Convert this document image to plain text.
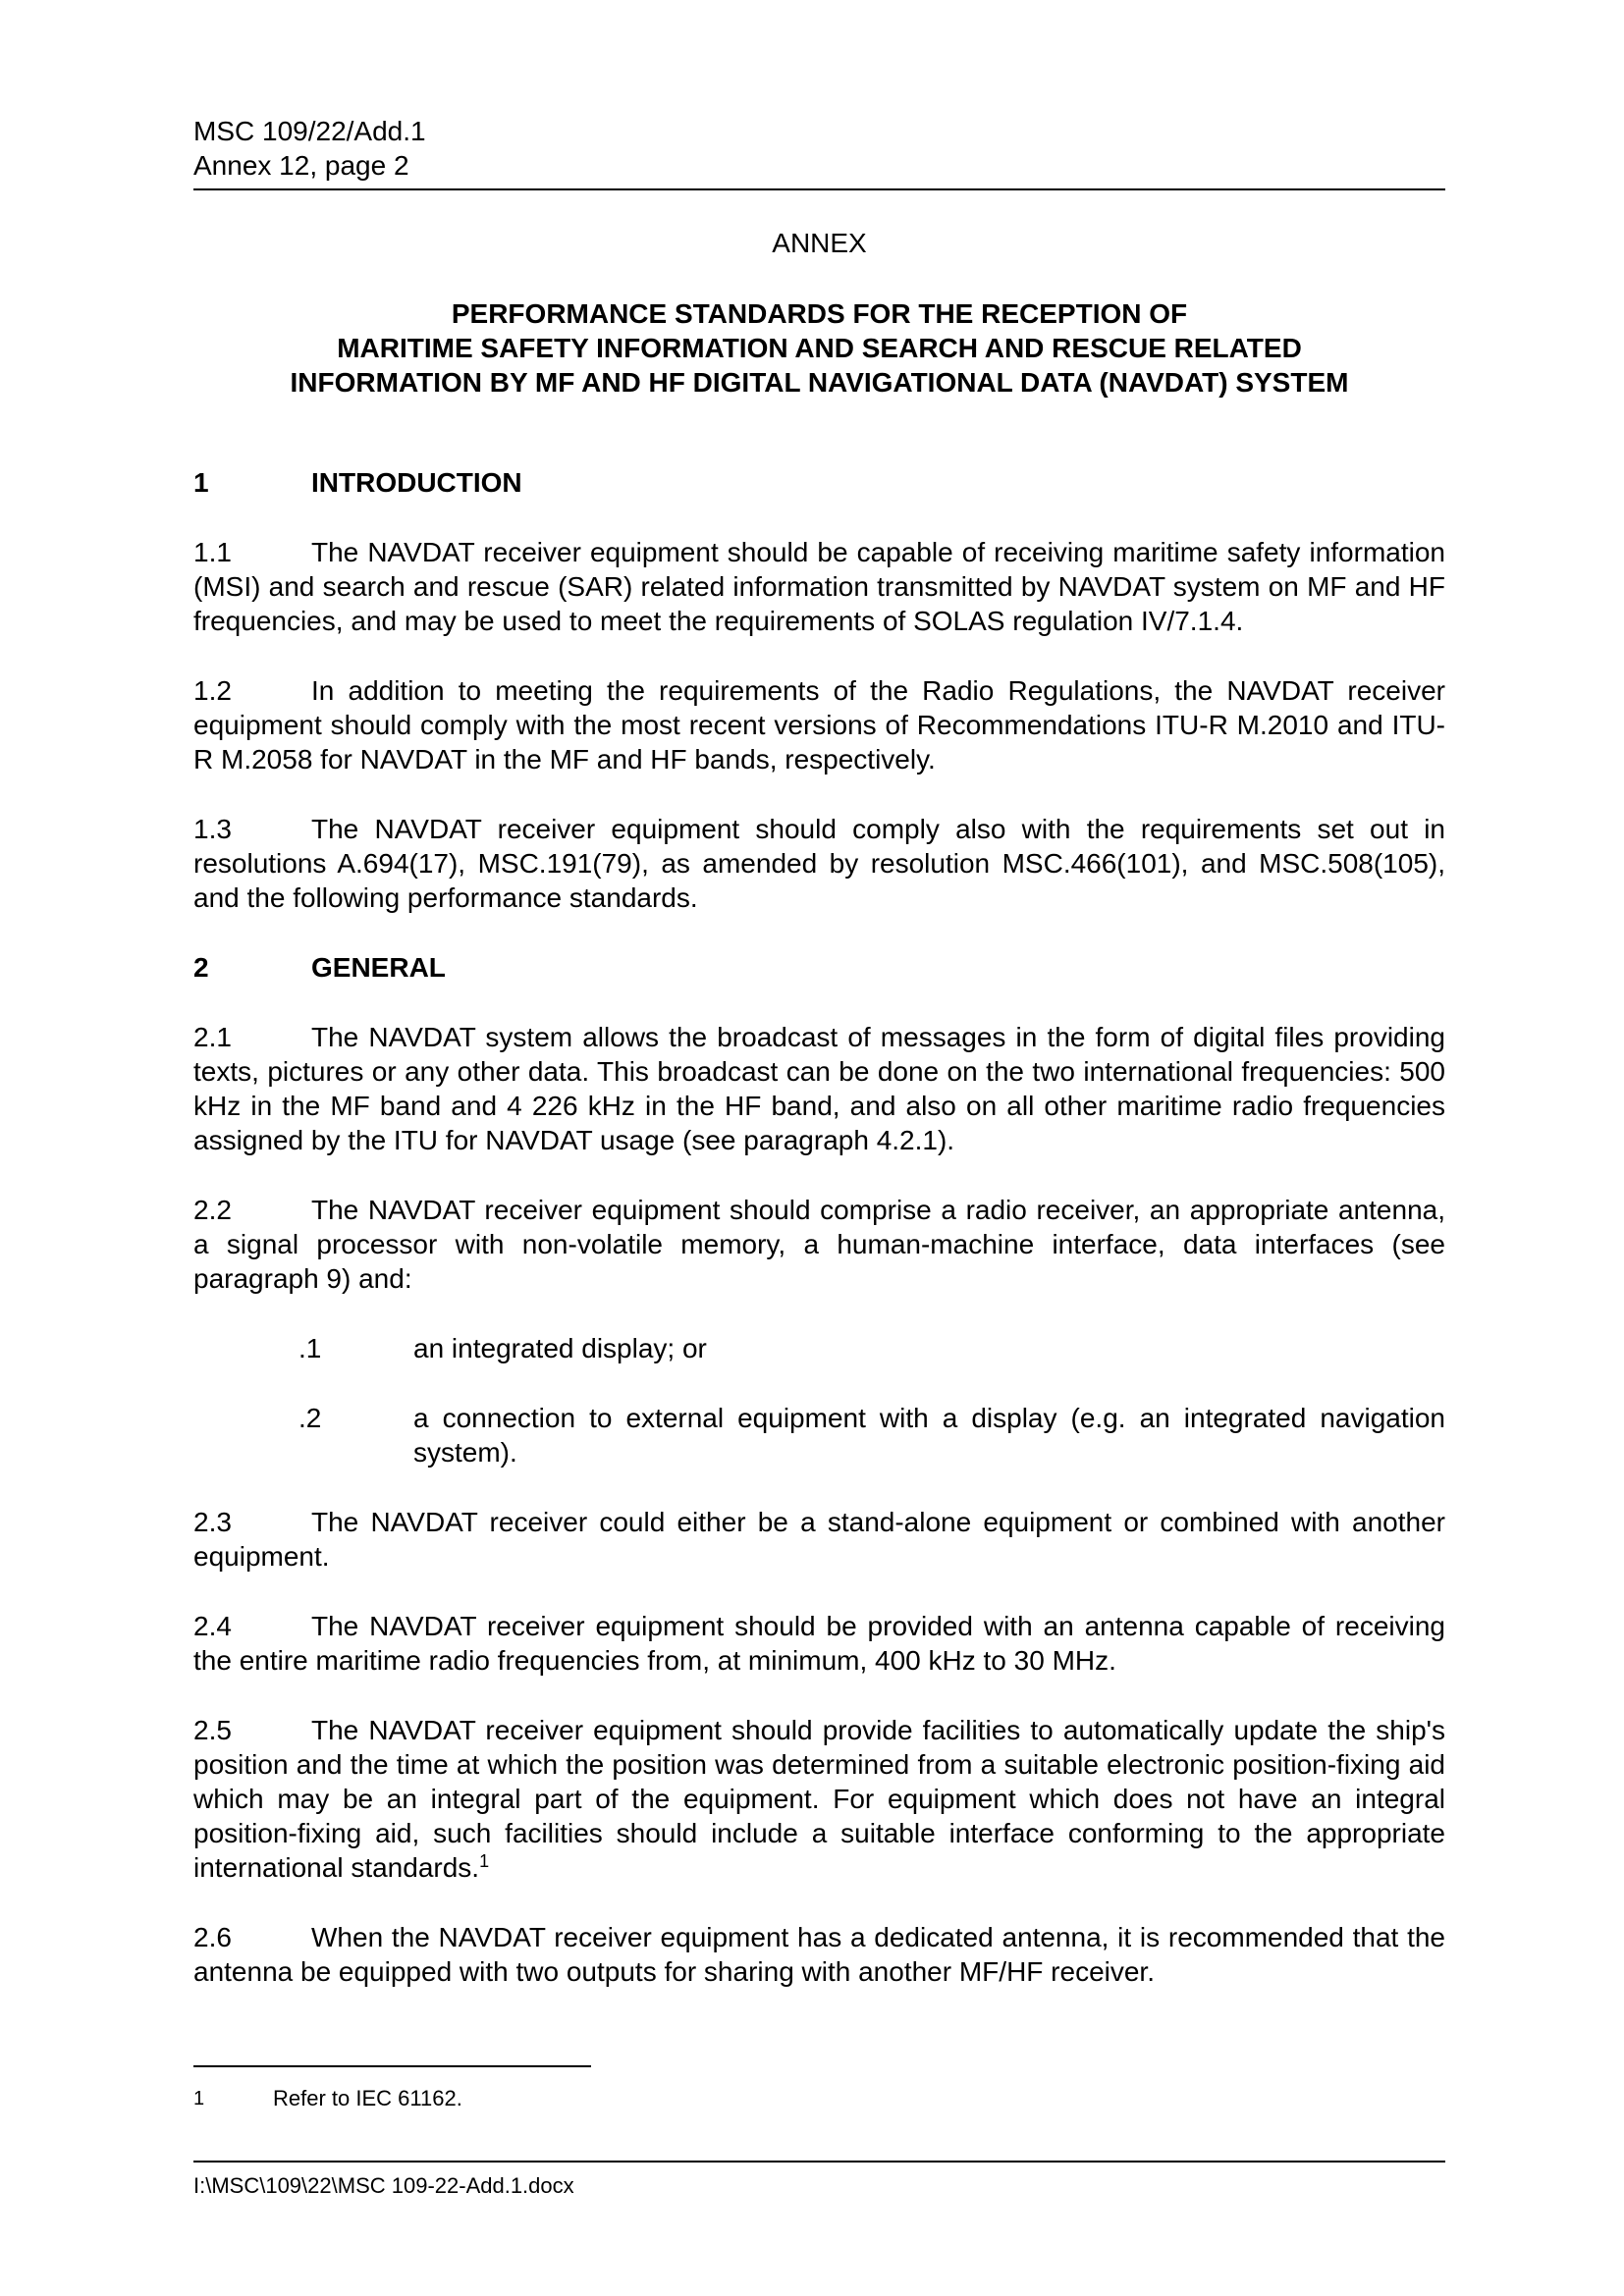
MSC 109/22/Add.1
Annex 12, page 2
ANNEX
PERFORMANCE STANDARDS FOR THE RECEPTION OF
MARITIME SAFETY INFORMATION AND SEARCH AND RESCUE RELATED
INFORMATION BY MF AND HF DIGITAL NAVIGATIONAL DATA (NAVDAT) SYSTEM
1	INTRODUCTION

1.1	The NAVDAT receiver equipment should be capable of receiving maritime safety information (MSI) and search and rescue (SAR) related information transmitted by NAVDAT system on MF and HF frequencies, and may be used to meet the requirements of SOLAS regulation IV/7.1.4.

1.2	In addition to meeting the requirements of the Radio Regulations, the NAVDAT receiver equipment should comply with the most recent versions of Recommendations ITU-R M.2010 and ITU-R M.2058 for NAVDAT in the MF and HF bands, respectively.

1.3	The NAVDAT receiver equipment should comply also with the requirements set out in resolutions A.694(17), MSC.191(79), as amended by resolution MSC.466(101), and MSC.508(105), and the following performance standards.

2	GENERAL

2.1	The NAVDAT system allows the broadcast of messages in the form of digital files providing texts, pictures or any other data. This broadcast can be done on the two international frequencies: 500 kHz in the MF band and 4 226 kHz in the HF band, and also on all other maritime radio frequencies assigned by the ITU for NAVDAT usage (see paragraph 4.2.1).

2.2	The NAVDAT receiver equipment should comprise a radio receiver, an appropriate antenna, a signal processor with non-volatile memory, a human-machine interface, data interfaces (see paragraph 9) and:

.1	an integrated display; or
.2	a connection to external equipment with a display (e.g. an integrated navigation system).

2.3	The NAVDAT receiver could either be a stand-alone equipment or combined with another equipment.

2.4	The NAVDAT receiver equipment should be provided with an antenna capable of receiving the entire maritime radio frequencies from, at minimum, 400 kHz to 30 MHz.

2.5	The NAVDAT receiver equipment should provide facilities to automatically update the ship's position and the time at which the position was determined from a suitable electronic position-fixing aid which may be an integral part of the equipment. For equipment which does not have an integral position-fixing aid, such facilities should include a suitable interface conforming to the appropriate international standards.$^1$

2.6	When the NAVDAT receiver equipment has a dedicated antenna, it is recommended that the antenna be equipped with two outputs for sharing with another MF/HF receiver.

1	Refer to IEC 61162.
I:\MSC\109\22\MSC 109-22-Add.1.docx
